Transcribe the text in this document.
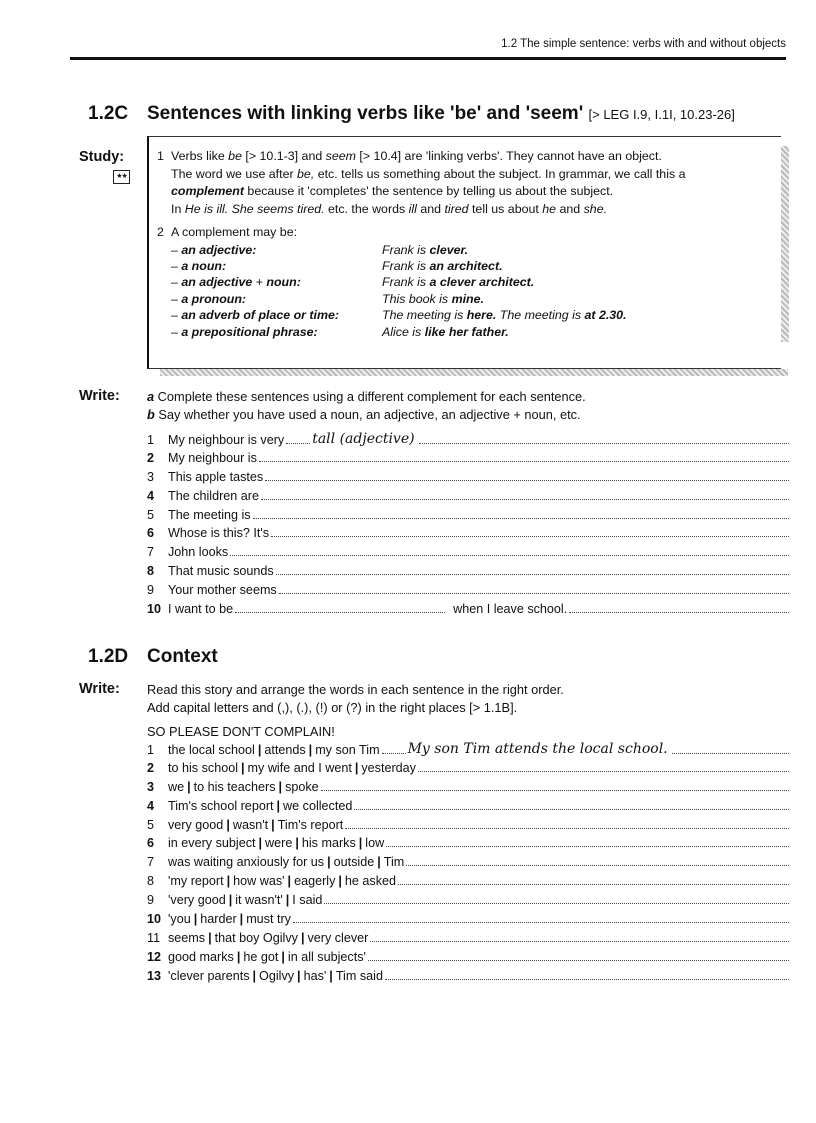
1.2 The simple sentence: verbs with and without objects
1.2C Sentences with linking verbs like 'be' and 'seem' [> LEG I.9, I.1I, 10.23-26]
Study:
★★
1 Verbs like be [> 10.1-3] and seem [> 10.4] are 'linking verbs'. They cannot have an object.
The word we use after be, etc. tells us something about the subject. In grammar, we call this a
complement because it 'completes' the sentence by telling us about the subject.
In He is ill. She seems tired. etc. the words ill and tired tell us about he and she.
2 A complement may be:
– an adjective:	Frank is clever.
– a noun:	Frank is an architect.
– an adjective + noun:	Frank is a clever architect.
– a pronoun:	This book is mine.
– an adverb of place or time:	The meeting is here. The meeting is at 2.30.
– a prepositional phrase:	Alice is like her father.
Write: a Complete these sentences using a different complement for each sentence.
b Say whether you have used a noun, an adjective, an adjective + noun, etc.
1	My neighbour is very tall (adjective)
2	My neighbour is
3	This apple tastes
4	The children are
5	The meeting is
6	Whose is this? It's
7	John looks
8	That music sounds
9	Your mother seems
10 I want to be	when I leave school.
1.2D Context
Write: Read this story and arrange the words in each sentence in the right order.
Add capital letters and (,), (.), (!) or (?) in the right places [> 1.1B].
SO PLEASE DON'T COMPLAIN!
1	the local school | attends | my son Tim My son Tim attends the local school.
2	to his school | my wife and I went | yesterday
3	we | to his teachers | spoke
4	Tim's school report | we collected
5	very good | wasn't | Tim's report
6	in every subject | were | his marks | low
7	was waiting anxiously for us | outside | Tim
8	'my report | how was' | eagerly | he asked
9	'very good | it wasn't' | I said
10 'you | harder | must try
11 seems | that boy Ogilvy | very clever
12 good marks | he got | in all subjects'
13 'clever parents | Ogilvy | has' | Tim said
